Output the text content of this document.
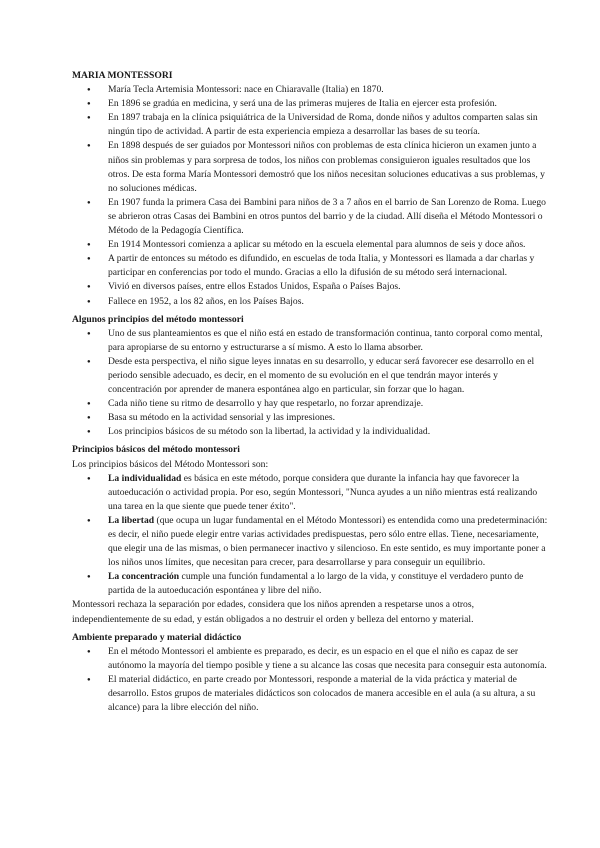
MARIA MONTESSORI

● María Tecla Artemisia Montessori: nace en Chiaravalle (Italia) en 1870.
● En 1896 se gradúa en medicina, y será una de las primeras mujeres de Italia en ejercer esta profesión.
● En 1897 trabaja en la clínica psiquiátrica de la Universidad de Roma, donde niños y adultos comparten salas sin ningún tipo de actividad. A partir de esta experiencia empieza a desarrollar las bases de su teoría.
● En 1898 después de ser guiados por Montessori niños con problemas de esta clínica hicieron un examen junto a niños sin problemas y para sorpresa de todos, los niños con problemas consiguieron iguales resultados que los otros. De esta forma María Montessori demostró que los niños necesitan soluciones educativas a sus problemas, y no soluciones médicas.
● En 1907 funda la primera Casa dei Bambini para niños de 3 a 7 años en el barrio de San Lorenzo de Roma. Luego se abrieron otras Casas dei Bambini en otros puntos del barrio y de la ciudad. Allí diseña el Método Montessori o Método de la Pedagogía Científica.
● En 1914 Montessori comienza a aplicar su método en la escuela elemental para alumnos de seis y doce años.
● A partir de entonces su método es difundido, en escuelas de toda Italia, y Montessori es llamada a dar charlas y participar en conferencias por todo el mundo. Gracias a ello la difusión de su método será internacional.
● Vivió en diversos países, entre ellos Estados Unidos, España o Países Bajos.
● Fallece en 1952, a los 82 años, en los Países Bajos.

Algunos principios del método montessori

● Uno de sus planteamientos es que el niño está en estado de transformación continua, tanto corporal como mental, para apropiarse de su entorno y estructurarse a sí mismo. A esto lo llama absorber.
● Desde esta perspectiva, el niño sigue leyes innatas en su desarrollo, y educar será favorecer ese desarrollo en el periodo sensible adecuado, es decir, en el momento de su evolución en el que tendrán mayor interés y concentración por aprender de manera espontánea algo en particular, sin forzar que lo hagan.
● Cada niño tiene su ritmo de desarrollo y hay que respetarlo, no forzar aprendizaje.
● Basa su método en la actividad sensorial y las impresiones.
● Los principios básicos de su método son la libertad, la actividad y la individualidad.

Principios básicos del método montessori

Los principios básicos del Método Montessori son:

● La individualidad es básica en este método, porque considera que durante la infancia hay que favorecer la autoeducación o actividad propia. Por eso, según Montessori, "Nunca ayudes a un niño mientras está realizando una tarea en la que siente que puede tener éxito".
● La libertad (que ocupa un lugar fundamental en el Método Montessori) es entendida como una predeterminación: es decir, el niño puede elegir entre varias actividades predispuestas, pero sólo entre ellas. Tiene, necesariamente, que elegir una de las mismas, o bien permanecer inactivo y silencioso. En este sentido, es muy importante poner a los niños unos límites, que necesitan para crecer, para desarrollarse y para conseguir un equilibrio.
● La concentración cumple una función fundamental a lo largo de la vida, y constituye el verdadero punto de partida de la autoeducación espontánea y libre del niño.

Montessori rechaza la separación por edades, considera que los niños aprenden a respetarse unos a otros, independientemente de su edad, y están obligados a no destruir el orden y belleza del entorno y material.

Ambiente preparado y material didáctico

● En el método Montessori el ambiente es preparado, es decir, es un espacio en el que el niño es capaz de ser autónomo la mayoría del tiempo posible y tiene a su alcance las cosas que necesita para conseguir esta autonomía.
● El material didáctico, en parte creado por Montessori, responde a material de la vida práctica y material de desarrollo. Estos grupos de materiales didácticos son colocados de manera accesible en el aula (a su altura, a su alcance) para la libre elección del niño.
